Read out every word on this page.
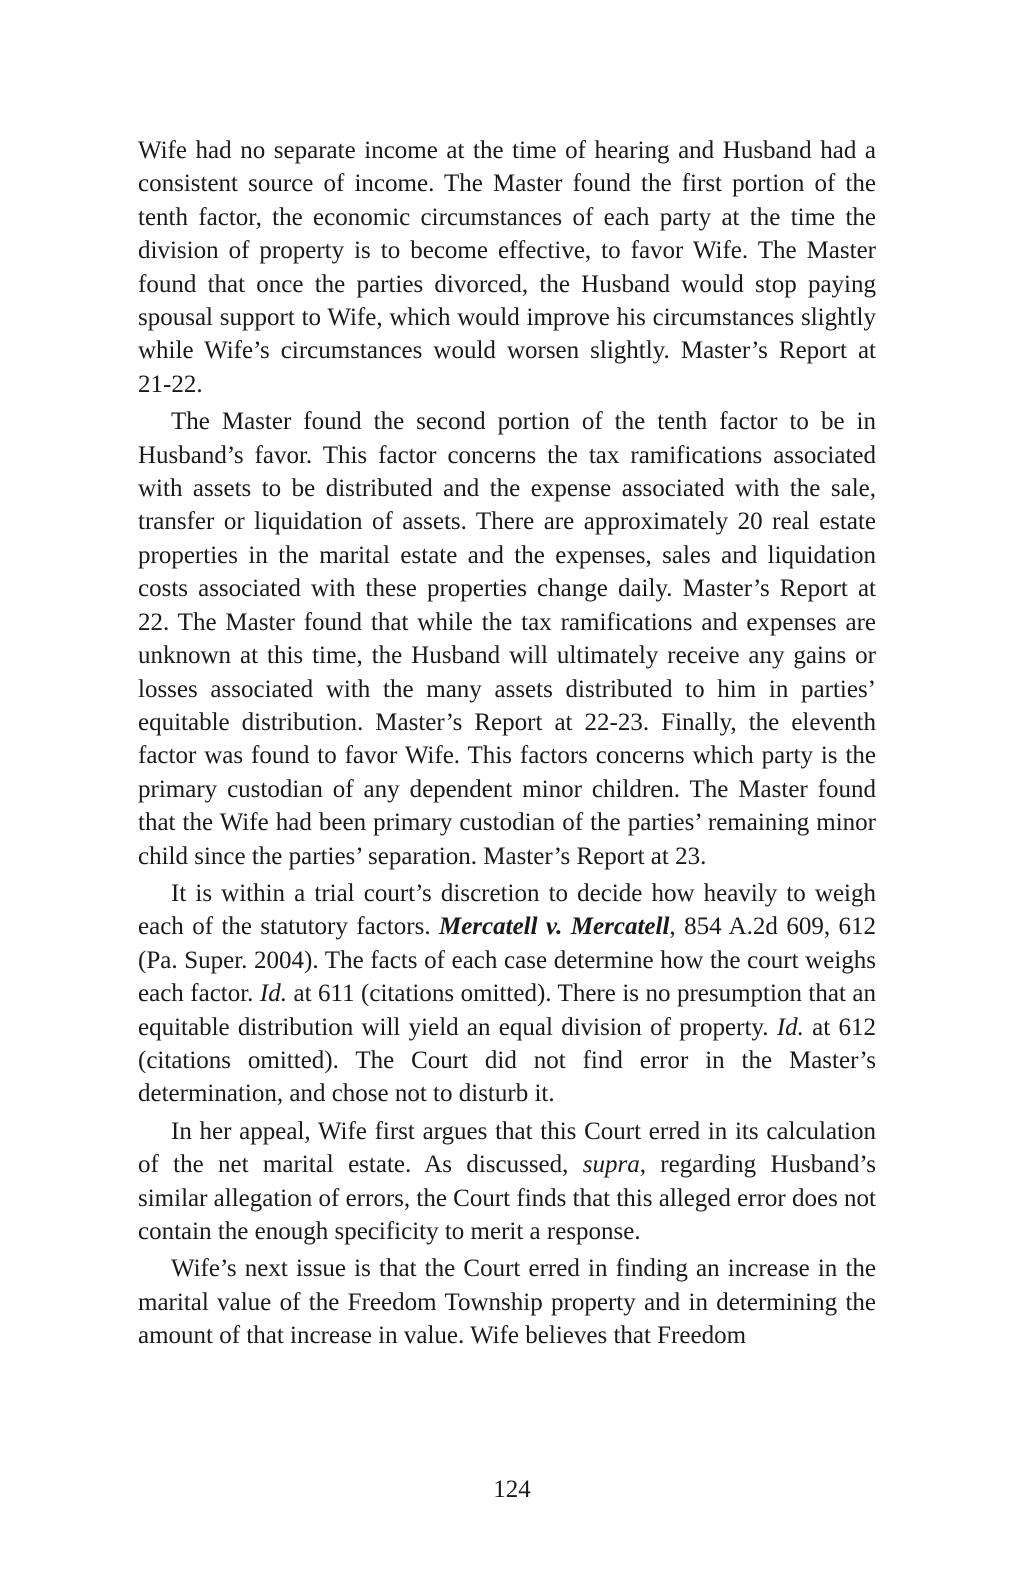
Wife had no separate income at the time of hearing and Husband had a consistent source of income. The Master found the first portion of the tenth factor, the economic circumstances of each party at the time the division of property is to become effective, to favor Wife. The Master found that once the parties divorced, the Husband would stop paying spousal support to Wife, which would improve his circumstances slightly while Wife’s circumstances would worsen slightly. Master’s Report at 21-22.

The Master found the second portion of the tenth factor to be in Husband’s favor. This factor concerns the tax ramifications associated with assets to be distributed and the expense associated with the sale, transfer or liquidation of assets. There are approximately 20 real estate properties in the marital estate and the expenses, sales and liquidation costs associated with these properties change daily. Master’s Report at 22. The Master found that while the tax ramifications and expenses are unknown at this time, the Husband will ultimately receive any gains or losses associated with the many assets distributed to him in parties’ equitable distribution. Master’s Report at 22-23. Finally, the eleventh factor was found to favor Wife. This factors concerns which party is the primary custodian of any dependent minor children. The Master found that the Wife had been primary custodian of the parties’ remaining minor child since the parties’ separation. Master’s Report at 23.

It is within a trial court’s discretion to decide how heavily to weigh each of the statutory factors. Mercatell v. Mercatell, 854 A.2d 609, 612 (Pa. Super. 2004). The facts of each case determine how the court weighs each factor. Id. at 611 (citations omitted). There is no presumption that an equitable distribution will yield an equal division of property. Id. at 612 (citations omitted). The Court did not find error in the Master’s determination, and chose not to disturb it.

In her appeal, Wife first argues that this Court erred in its calculation of the net marital estate. As discussed, supra, regarding Husband’s similar allegation of errors, the Court finds that this alleged error does not contain the enough specificity to merit a response.

Wife’s next issue is that the Court erred in finding an increase in the marital value of the Freedom Township property and in determining the amount of that increase in value. Wife believes that Freedom

124
